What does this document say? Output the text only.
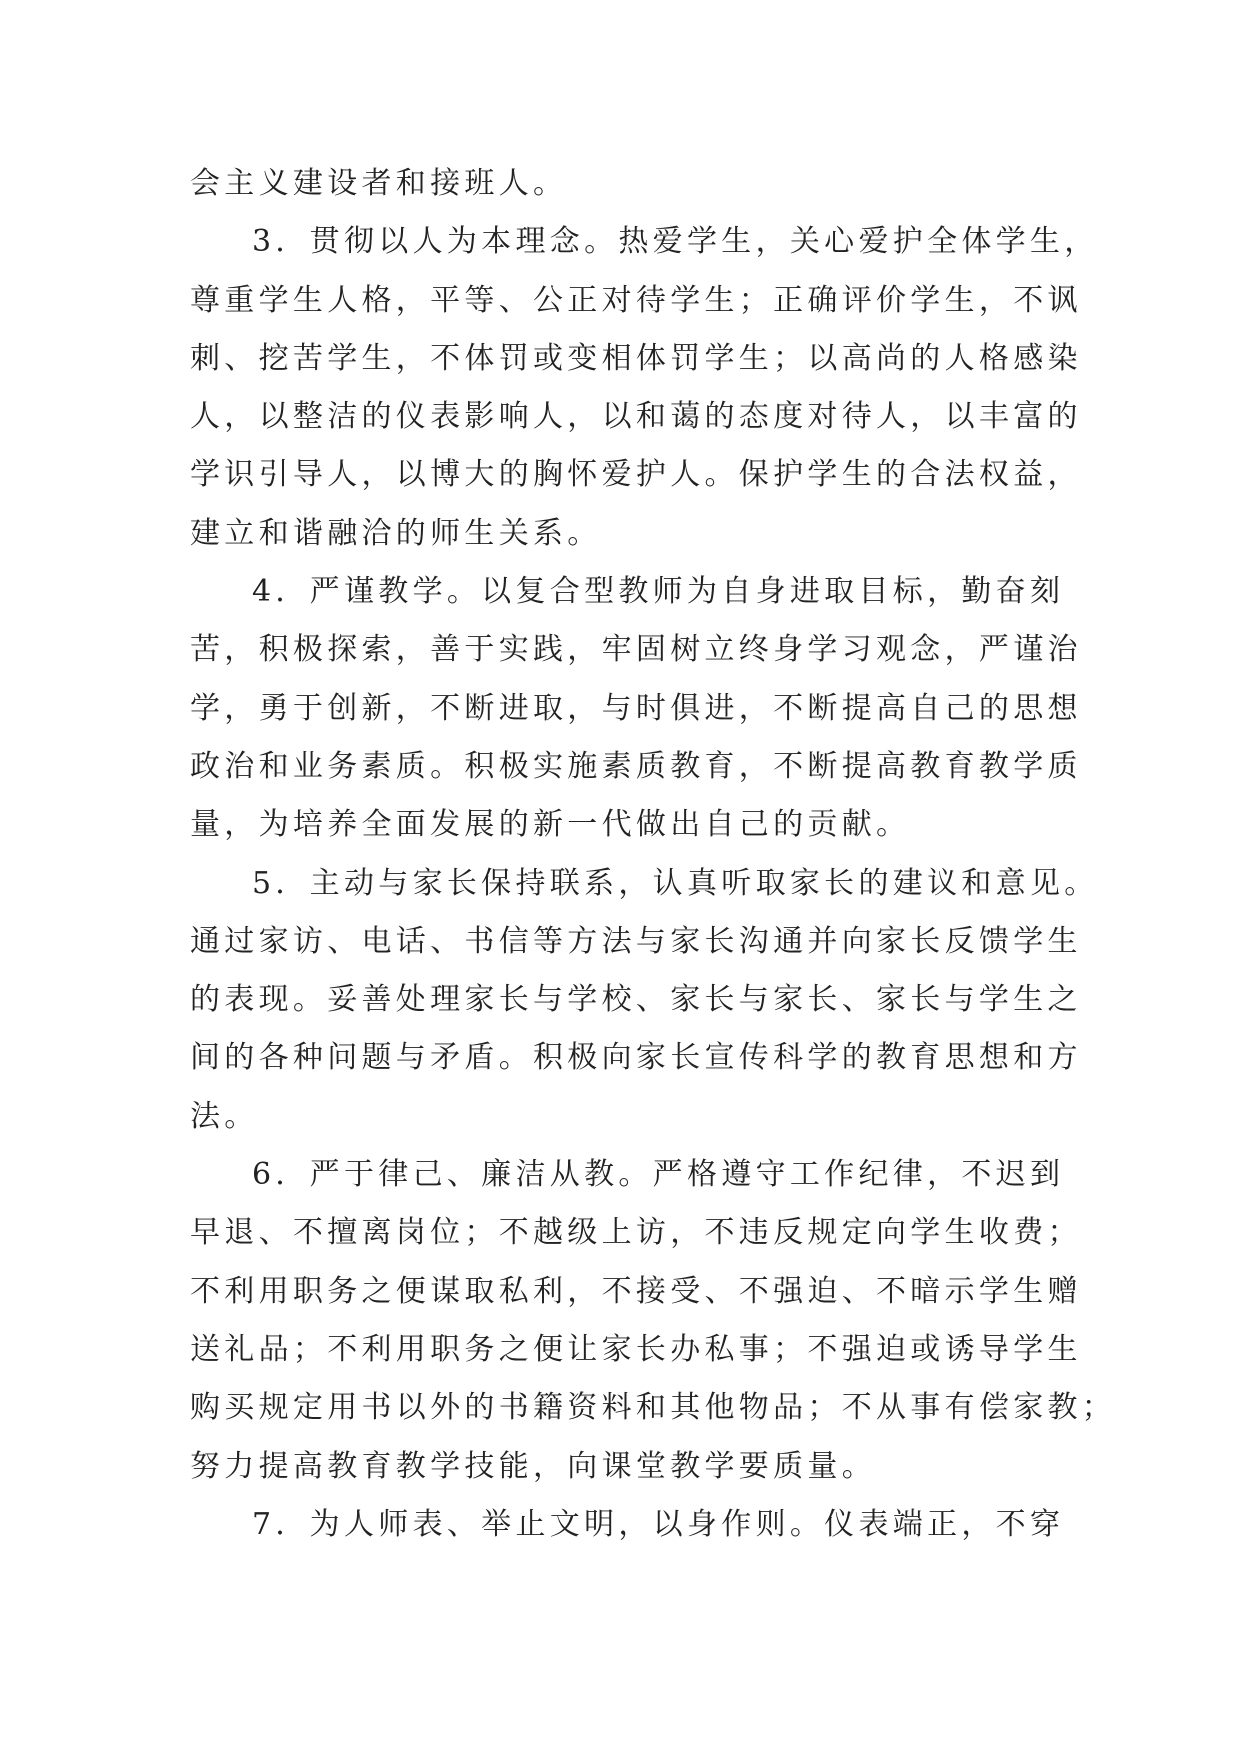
会主义建设者和接班人。
3．贯彻以人为本理念。热爱学生，关心爱护全体学生，
尊重学生人格，平等、公正对待学生；正确评价学生，不讽
刺、挖苦学生，不体罚或变相体罚学生；以高尚的人格感染
人，以整洁的仪表影响人，以和蔼的态度对待人，以丰富的
学识引导人，以博大的胸怀爱护人。保护学生的合法权益，
建立和谐融洽的师生关系。
4．严谨教学。以复合型教师为自身进取目标，勤奋刻
苦，积极探索，善于实践，牢固树立终身学习观念，严谨治
学，勇于创新，不断进取，与时俱进，不断提高自己的思想
政治和业务素质。积极实施素质教育，不断提高教育教学质
量，为培养全面发展的新一代做出自己的贡献。
5．主动与家长保持联系，认真听取家长的建议和意见。
通过家访、电话、书信等方法与家长沟通并向家长反馈学生
的表现。妥善处理家长与学校、家长与家长、家长与学生之
间的各种问题与矛盾。积极向家长宣传科学的教育思想和方
法。
6．严于律己、廉洁从教。严格遵守工作纪律，不迟到
早退、不擅离岗位；不越级上访，不违反规定向学生收费；
不利用职务之便谋取私利，不接受、不强迫、不暗示学生赠
送礼品；不利用职务之便让家长办私事；不强迫或诱导学生
购买规定用书以外的书籍资料和其他物品；不从事有偿家教；
努力提高教育教学技能，向课堂教学要质量。
7．为人师表、举止文明，以身作则。仪表端正，不穿
